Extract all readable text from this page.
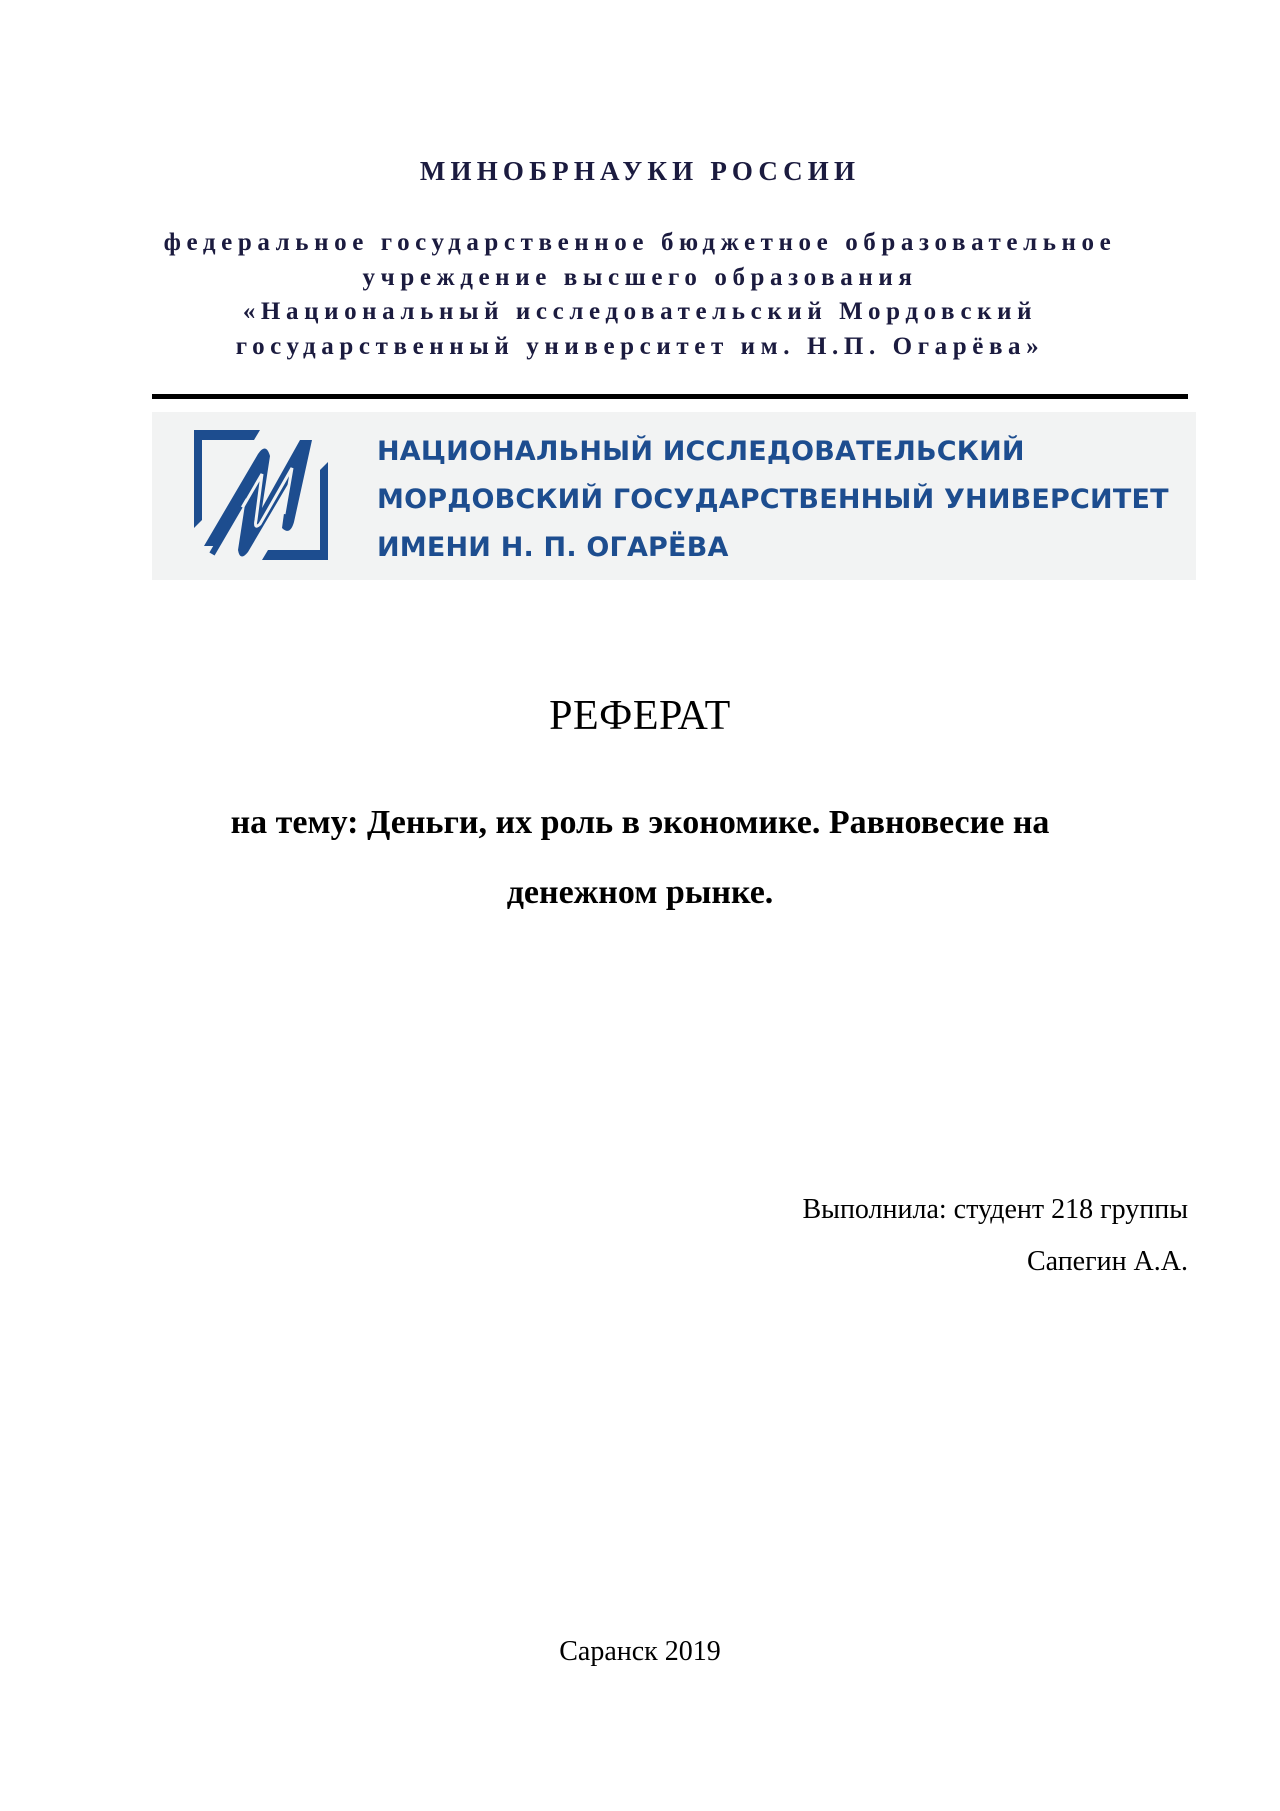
МИНОБРНАУКИ РОССИИ
федеральное государственное бюджетное образовательное
учреждение высшего образования
«Национальный исследовательский Мордовский
государственный университет им. Н.П. Огарёва»
НАЦИОНАЛЬНЫЙ ИССЛЕДОВАТЕЛЬСКИЙ
МОРДОВСКИЙ ГОСУДАРСТВЕННЫЙ УНИВЕРСИТЕТ
ИМЕНИ Н. П. ОГАРЁВА
РЕФЕРАТ
на тему: Деньги, их роль в экономике. Равновесие на
денежном рынке.
Выполнила: студент 218 группы
Сапегин А.А.
Саранск 2019
